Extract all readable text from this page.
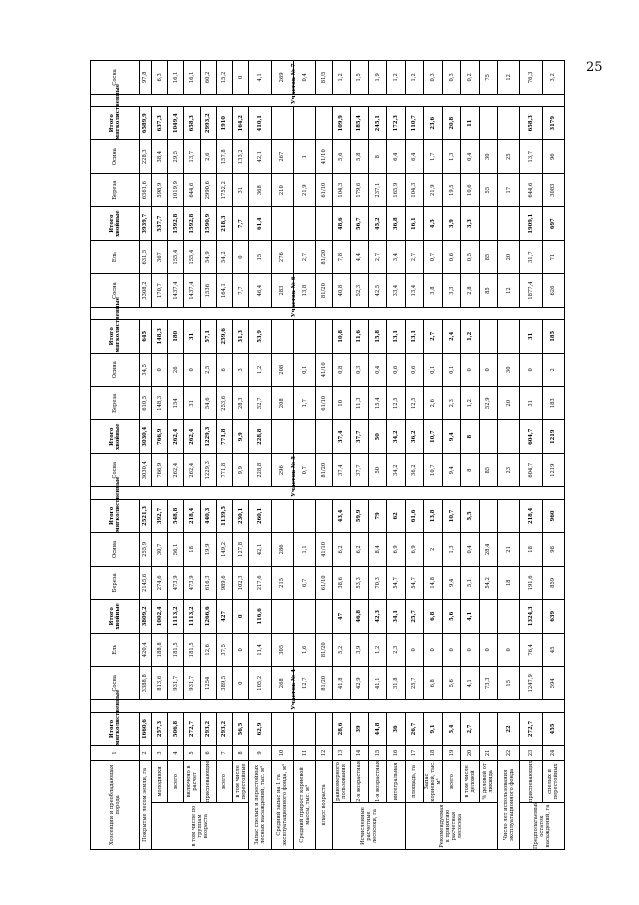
25
Хозсекции и преобладающая порода		1	Итого мягколиственные	Участок № 4	Сосна	Ель	Итого хвойные	Береза	Осина	Итого мягколиственные	Участок № 5	Сосна	Итого хвойные	Береза	Осина	Итого мягколиственные	Участок № 6	Сосна	Ель	Итого хвойные	Береза	Осина	Итого мягколиственные	Участок № 7	Сосна
Покрытые лесом земли, га		2	1660,6		3388,8	420,4	3809,2	2145,6	255,9	2521,3		3030,4	3030,4	610,5	34,5	645		3308,2	631,5	3939,7	6361,6	228,3	6589,9		97,8
в том числе по группам возраста	молодняки	3	257,3		813,6	188,8	1002,4	274,6	30,7	392,7		766,9	766,9	148,3	0	148,3		170,7	367	537,7	598,9	38,4	637,3		6,3
	всего	4	506,8		931,7	181,5	1113,2	473,9	56,1	548,8		262,4	262,4	154	26	180		1437,4	155,4	1592,8	1019,9	29,5	1049,4		16,1
	включено в расчет	5	272,7		931,7	181,5	1113,2	473,9	18	218,4		262,4	262,4	31	0	31		1437,4	155,4	1592,8	644,6	13,7	658,3		16,1
	приспевающие	6	293,2		1254	12,6	1266,6	616,3	19,9	440,3		1229,3	1229,3	54,6	2,5	57,1		1536	54,9	1590,9	2990,6	2,6	2993,2		60,2
	всего	7	293,2		389,5	37,5	427	989,6	149,2	1139,5		771,8	771,8	253,6	6	259,6		164,1	54,2	218,3	1752,2	157,8	1910		15,2
	в том числе перестойные	8	56,5		0	0	0	102,3	127,8	230,1		9,9	9,9	28,3	3	31,3		7,7	0	7,7	31	133,2	164,2		0
Запас спелых и перестойных лесных насаждений, тыс. м³		9	62,9		105,2	11,4	116,6	217,6	42,1	260,1		228,8	228,8	52,7	1,2	53,9		46,4	15	61,4	368	42,1	410,1		4,1
Средний запас на 1 га эксплуатационного фонда, м³		10			268	305		215	286			296		208	208			283	276		210	267			269
Средний прирост корневой массы, тыс. м³		11			12,7	1,6		6,7	1,1			0,7		1,7	0,1			13,8	2,7		21,9	1			0,4
класс возраста		12			81/20	81/20		61/10	41/10			81/20		61/10	41/10			81/20	81/20		61/10	41/10			81/5
Исчисленные расчетные лесосеки, га	равномерного пользования	13	28,6		41,8	5,2	47	38,6	6,2	43,4		37,4	37,4	10	0,8	10,8		40,8	7,8	48,6	104,3	5,6	109,9		1,2
	2-я возрастная	14	39		42,9	3,9	46,8	53,3	6,2	59,9		37,7	37,7	11,3	0,3	11,6		52,3	4,4	56,7	179,6	5,8	185,4		1,5
	1-я возрастная	15	44,8		41,1	1,2	42,3	70,3	8,4	79		50	50	15,4	0,4	15,8		42,5	2,7	45,2	237,1	8	245,1		1,9
	интегральная	16	36		31,8	2,3	34,1	54,7	6,9	62		34,2	34,2	12,5	0,6	13,1		33,4	3,4	36,8	165,9	6,4	172,3		1,2
Рекомендуемая к принятию расчетная лесосека	площадь, га	17	26,7		25,7	0	25,7	54,7	6,9	61,6		36,2	36,2	12,5	0,6	13,1		13,4	2,7	16,1	104,3	6,4	110,7		1,2
	Запас корневой, тыс. м³	18	9,1		6,8	0	6,8	14,8	2	13,8		10,7	10,7	2,6	0,1	2,7		3,8	0,7	4,5	21,9	1,7	23,6		0,3
	всего	19	5,4		5,6	0	5,6	9,4	1,3	10,7		9,4	9,4	2,3	0,1	2,4		3,3	0,6	3,9	19,5	1,3	20,8		0,3
	в том числе деловой	20	2,7		4,1	0	4,1	5,1	0,4	5,5		8	8	1,2	0	1,2		2,8	0,5	3,3	10,6	0,4	11		0,2
	% деловой от ликвида	21			73,3	0		54,2	28,4			85		52,9	0			85	85		55	30			75
Число лет использования эксплуатационного фонда		22	22		15	0		18	21			23		20	30			12	20		17	25			12
Предполагаемый остаток насаждений, га	приспевающих	23	272,7		1247,9	76,4	1324,3	191,6	18	218,4		604,7	604,7	31	0	31		1877,4	31,7	1909,1	644,6	13,7	658,3		76,3
	спелых и перестойных	24	455		594	45	639	859	98	960		1219	1219	183	2	185		626	71	697	3083	96	3179		3,2
